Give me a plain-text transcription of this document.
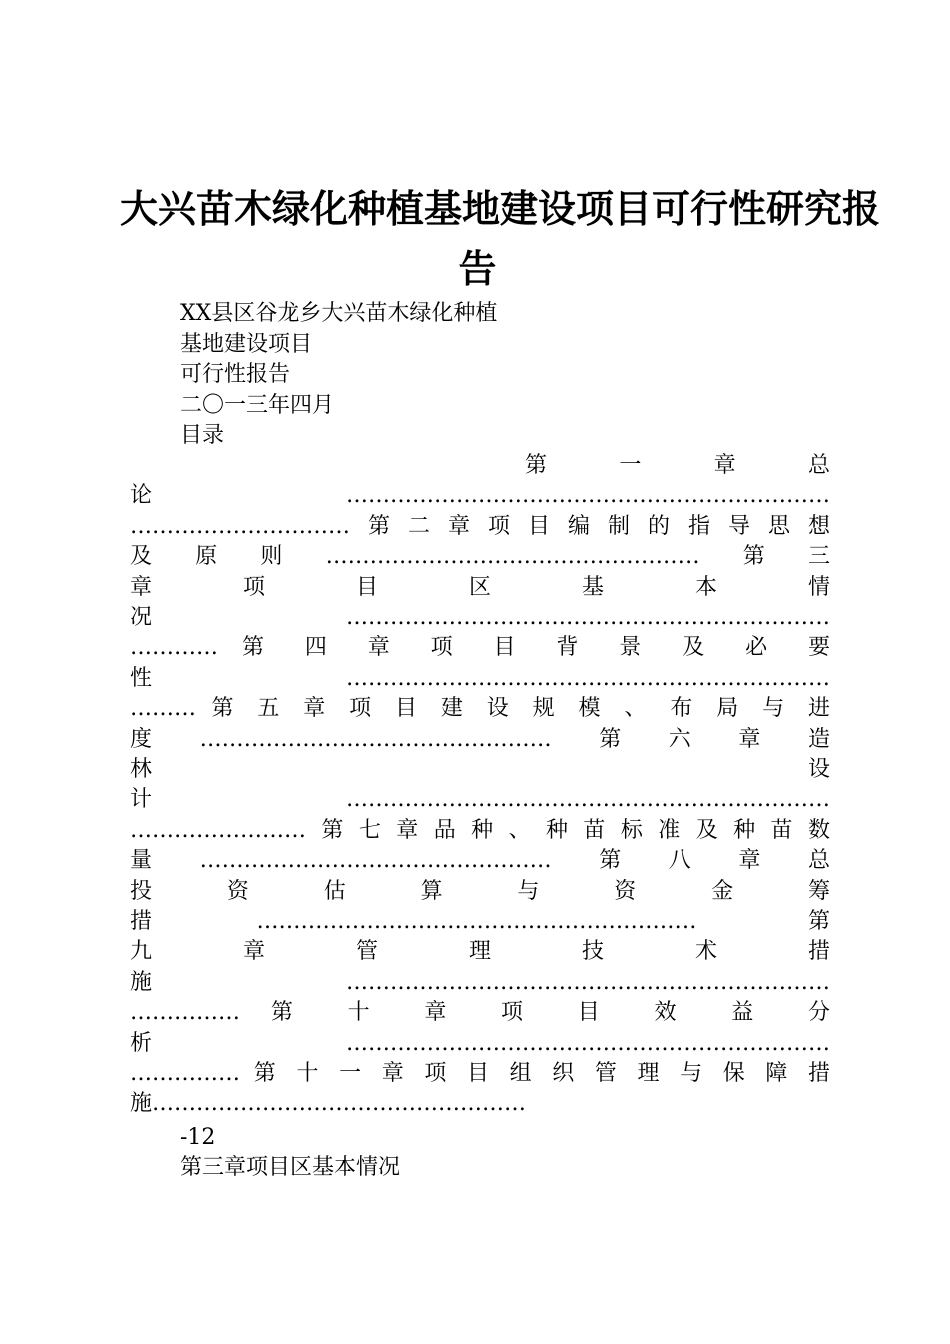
大兴苗木绿化种植基地建设项目可行性研究报
告
XX县区谷龙乡大兴苗木绿化种植
基地建设项目
可行性报告
二〇一三年四月
目录
第 一 章 总
论…………………………………………………………
…………………………第二章项目编制的指导思想
及原则……………………………………………第三
章 项 目 区 基 本 情
况…………………………………………………………
………… 第 四 章 项 目 背 景 及 必 要
性…………………………………………………………
……… 第 五 章 项 目 建 设 规 模 、 布 局 与 进
度…………………………………………第六章造
林 设
计…………………………………………………………
……………………第七章品种、种苗标准及种苗数
量…………………………………………第八章总
投 资 估 算 与 资 金 筹
措…………………………………………………… 第
九 章 管 理 技 术 措
施…………………………………………………………
…………… 第 十 章 项 目 效 益 分
析…………………………………………………………
…………… 第 十 一 章 项 目 组 织 管 理 与 保 障 措
施……………………………………………
-12
第三章项目区基本情况
